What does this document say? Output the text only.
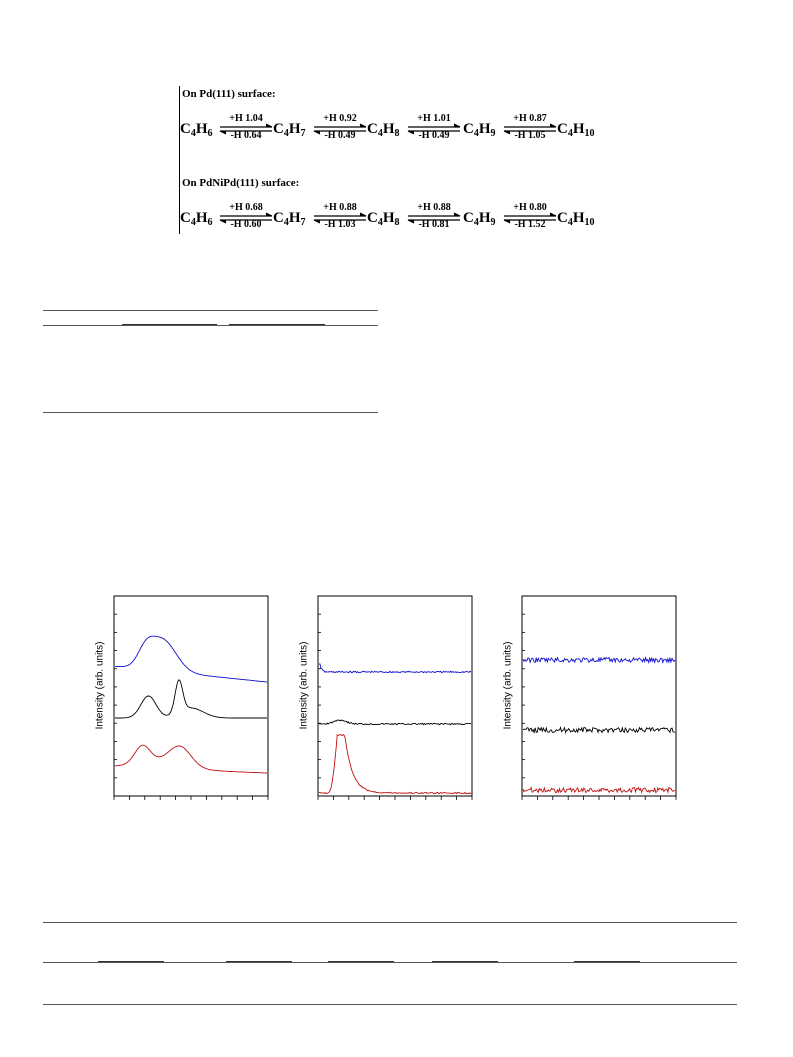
On Pd(111) surface:
$C_4H_6$	$C_4H_7$	$C_4H_8$	$C_4H_9$	$C_4H_{10}$
+H 1.04
-H 0.64
+H 0.92
-H 0.49
+H 1.01
-H 0.49
+H 0.87
-H 1.05
On PdNiPd(111) surface:
$C_4H_6$	$C_4H_7$	$C_4H_8$	$C_4H_9$	$C_4H_{10}$
+H 0.68
-H 0.60
+H 0.88
-H 1.03
+H 0.88
-H 0.81
+H 0.80
-H 1.52
Intensity (arb. units)	Intensity (arb. units)	Intensity (arb. units)
